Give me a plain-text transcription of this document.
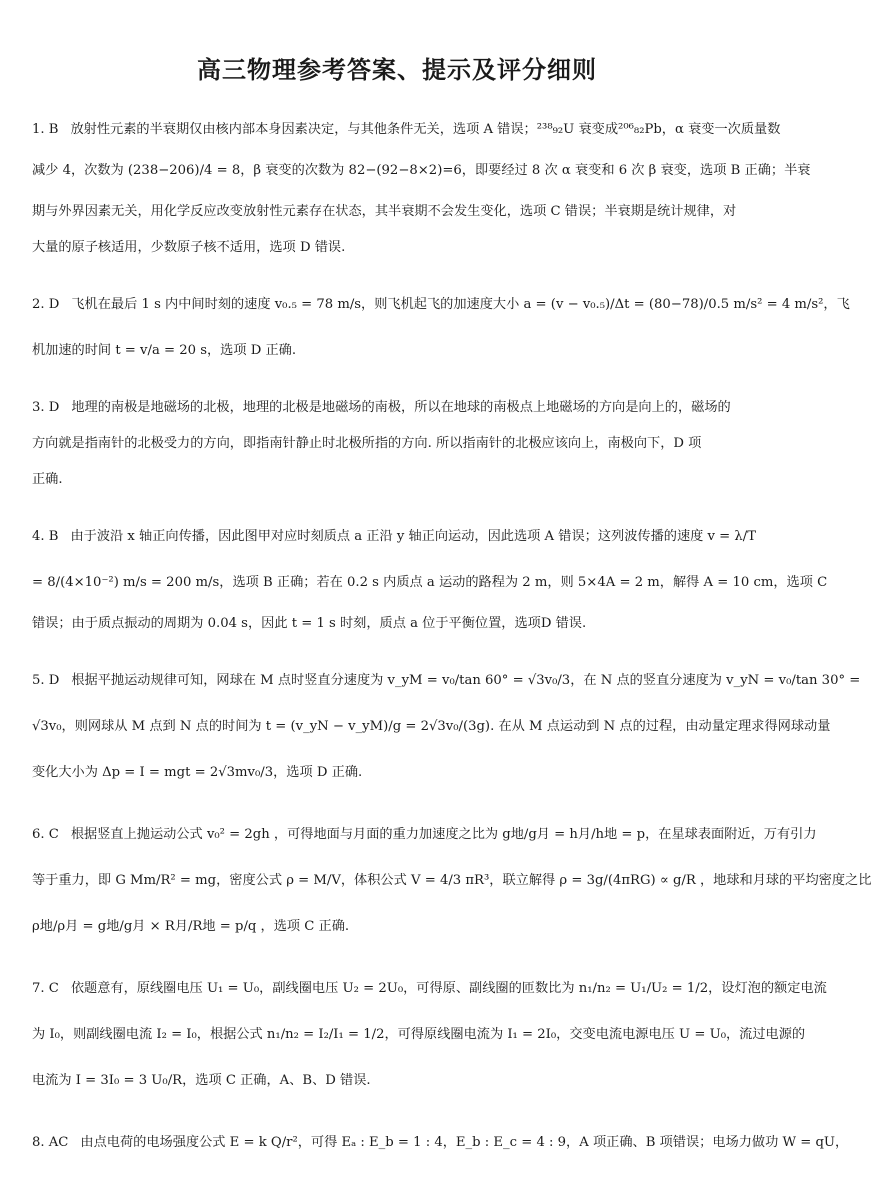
高三物理参考答案、提示及评分细则
1. B 放射性元素的半衰期仅由核内部本身因素决定，与其他条件无关，选项 A 错误；²³⁸₉₂U 衰变成²⁰⁶₈₂Pb，α 衰变一次质量数
减少 4，次数为 (238−206)/4 = 8，β 衰变的次数为 82−(92−8×2)=6，即要经过 8 次 α 衰变和 6 次 β 衰变，选项 B 正确；半衰
期与外界因素无关，用化学反应改变放射性元素存在状态，其半衰期不会发生变化，选项 C 错误；半衰期是统计规律，对
大量的原子核适用，少数原子核不适用，选项 D 错误.
2. D 飞机在最后 1 s 内中间时刻的速度 v₀.₅ = 78 m/s，则飞机起飞的加速度大小 a = (v − v₀.₅)/Δt = (80−78)/0.5 m/s² = 4 m/s²，飞
机加速的时间 t = v/a = 20 s，选项 D 正确.
3. D 地理的南极是地磁场的北极，地理的北极是地磁场的南极，所以在地球的南极点上地磁场的方向是向上的，磁场的
方向就是指南针的北极受力的方向，即指南针静止时北极所指的方向. 所以指南针的北极应该向上，南极向下，D 项
正确.
4. B 由于波沿 x 轴正向传播，因此图甲对应时刻质点 a 正沿 y 轴正向运动，因此选项 A 错误；这列波传播的速度 v = λ/T
= 8/(4×10⁻²) m/s = 200 m/s，选项 B 正确；若在 0.2 s 内质点 a 运动的路程为 2 m，则 5×4A = 2 m，解得 A = 10 cm，选项 C
错误；由于质点振动的周期为 0.04 s，因此 t = 1 s 时刻，质点 a 位于平衡位置，选项D 错误.
5. D 根据平抛运动规律可知，网球在 M 点时竖直分速度为 v_yM = v₀/tan 60° = √3v₀/3，在 N 点的竖直分速度为 v_yN = v₀/tan 30° =
√3v₀，则网球从 M 点到 N 点的时间为 t = (v_yN − v_yM)/g = 2√3v₀/(3g). 在从 M 点运动到 N 点的过程，由动量定理求得网球动量
变化大小为 Δp = I = mgt = 2√3mv₀/3，选项 D 正确.
6. C 根据竖直上抛运动公式 v₀² = 2gh ，可得地面与月面的重力加速度之比为 g地/g月 = h月/h地 = p，在星球表面附近，万有引力
等于重力，即 G Mm/R² = mg，密度公式 ρ = M/V，体积公式 V = 4/3 πR³，联立解得 ρ = 3g/(4πRG) ∝ g/R ，地球和月球的平均密度之比
ρ地/ρ月 = g地/g月 × R月/R地 = p/q ，选项 C 正确.
7. C 依题意有，原线圈电压 U₁ = U₀，副线圈电压 U₂ = 2U₀，可得原、副线圈的匝数比为 n₁/n₂ = U₁/U₂ = 1/2，设灯泡的额定电流
为 I₀，则副线圈电流 I₂ = I₀，根据公式 n₁/n₂ = I₂/I₁ = 1/2，可得原线圈电流为 I₁ = 2I₀，交变电流电源电压 U = U₀，流过电源的
电流为 I = 3I₀ = 3 U₀/R，选项 C 正确，A、B、D 错误.
8. AC 由点电荷的电场强度公式 E = k Q/r²，可得 Eₐ : E_b = 1 : 4，E_b : E_c = 4 : 9，A 项正确、B 项错误；电场力做功 W = qU，
